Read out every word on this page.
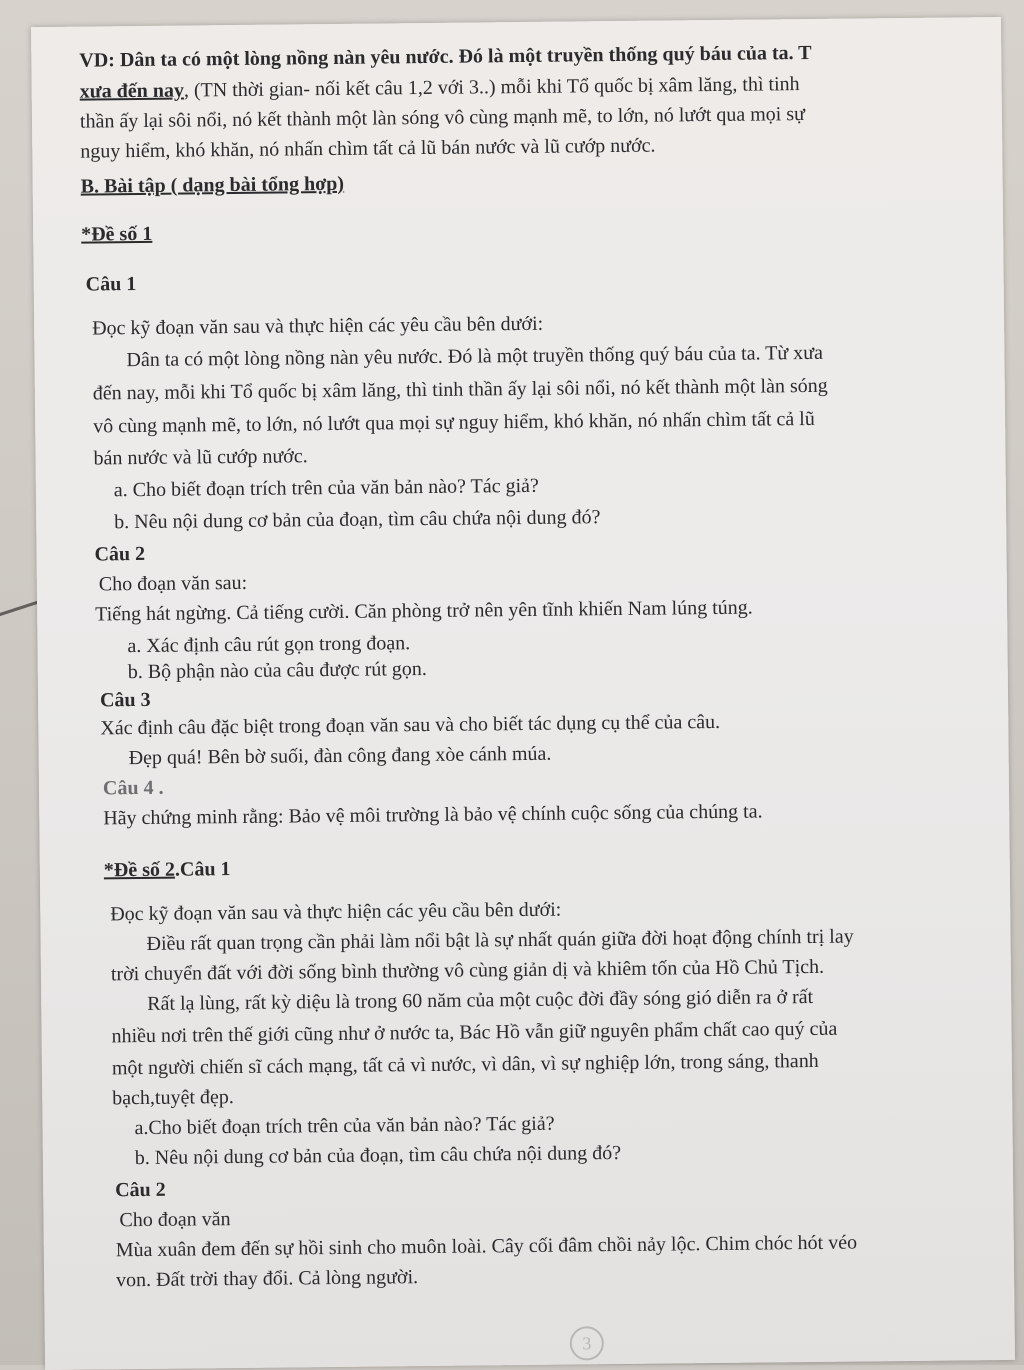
VD: Dân ta có một lòng nồng nàn yêu nước. Đó là một truyền thống quý báu của ta. T
xưa đến nay, (TN thời gian- nối kết câu 1,2 với 3..) mỗi khi Tổ quốc bị xâm lăng, thì tinh
thần ấy lại sôi nổi, nó kết thành một làn sóng vô cùng mạnh mẽ, to lớn, nó lướt qua mọi sự
nguy hiểm, khó khăn, nó nhấn chìm tất cả lũ bán nước và lũ cướp nước.
B. Bài tập ( dạng bài tổng hợp)
*Đề số 1
Câu 1
Đọc kỹ đoạn văn sau và thực hiện các yêu cầu bên dưới:
Dân ta có một lòng nồng nàn yêu nước. Đó là một truyền thống quý báu của ta. Từ xưa
đến nay, mỗi khi Tổ quốc bị xâm lăng, thì tinh thần ấy lại sôi nổi, nó kết thành một làn sóng
vô cùng mạnh mẽ, to lớn, nó lướt qua mọi sự nguy hiểm, khó khăn, nó nhấn chìm tất cả lũ
bán nước và lũ cướp nước.
a. Cho biết đoạn trích trên của văn bản nào? Tác giả?
b. Nêu nội dung cơ bản của đoạn, tìm câu chứa nội dung đó?
Câu 2
Cho đoạn văn sau:
Tiếng hát ngừng. Cả tiếng cười. Căn phòng trở nên yên tĩnh khiến Nam lúng túng.
a. Xác định câu rút gọn trong đoạn.
b. Bộ phận nào của câu được rút gọn.
Câu 3
Xác định câu đặc biệt trong đoạn văn sau và cho biết tác dụng cụ thể của câu.
Đẹp quá! Bên bờ suối, đàn công đang xòe cánh múa.
Câu 4 .
Hãy chứng minh rằng: Bảo vệ môi trường là bảo vệ chính cuộc sống của chúng ta.
*Đề số 2.Câu 1
Đọc kỹ đoạn văn sau và thực hiện các yêu cầu bên dưới:
Điều rất quan trọng cần phải làm nổi bật là sự nhất quán giữa đời hoạt động chính trị lay
trời chuyển đất với đời sống bình thường vô cùng giản dị và khiêm tốn của Hồ Chủ Tịch.
Rất lạ lùng, rất kỳ diệu là trong 60 năm của một cuộc đời đầy sóng gió diễn ra ở rất
nhiều nơi trên thế giới cũng như ở nước ta, Bác Hồ vẫn giữ nguyên phẩm chất cao quý của
một người chiến sĩ cách mạng, tất cả vì nước, vì dân, vì sự nghiệp lớn, trong sáng, thanh
bạch,tuyệt đẹp.
a.Cho biết đoạn trích trên của văn bản nào? Tác giả?
b. Nêu nội dung cơ bản của đoạn, tìm câu chứa nội dung đó?
Câu 2
Cho đoạn văn
Mùa xuân đem đến sự hồi sinh cho muôn loài. Cây cối đâm chồi nảy lộc. Chim chóc hót véo
von. Đất trời thay đổi. Cả lòng người.
3
